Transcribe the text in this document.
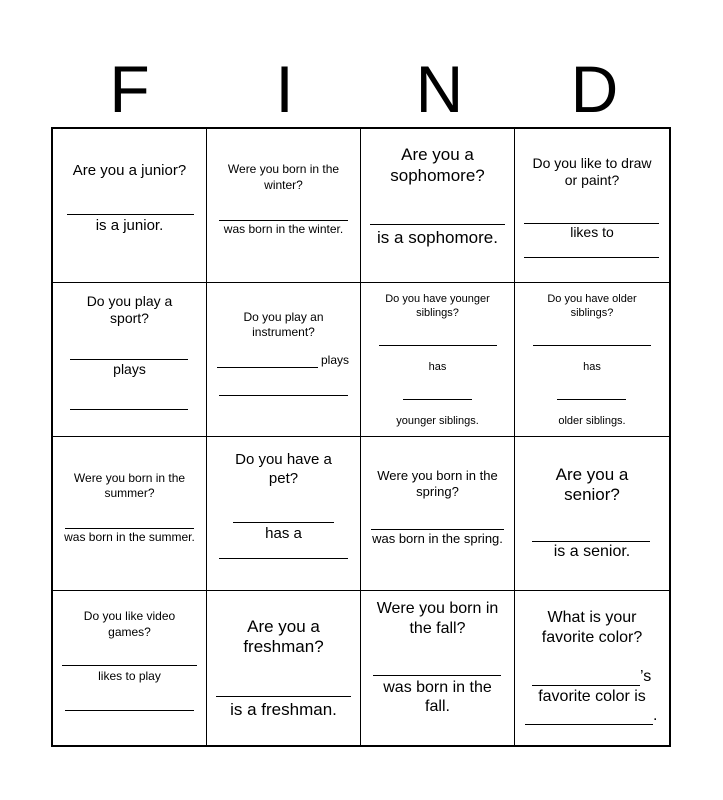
F	I	N	D
Are you a junior?
is a junior.
Were you born in the
winter?
was born in the winter.
Are you a
sophomore?
is a sophomore.
Do you like to draw
or paint?
likes to
Do you play a
sport?
plays
Do you play an
instrument?
plays
Do you have younger
siblings?
has
younger siblings.
Do you have older
siblings?
has
older siblings.
Were you born in the
summer?
was born in the summer.
Do you have a
pet?
has a
Were you born in the
spring?
was born in the spring.
Are you a
senior?
is a senior.
Do you like video
games?
likes to play
Are you a
freshman?
is a freshman.
Were you born in
the fall?
was born in the
fall.
What is your
favorite color?
’s
favorite color is
.
